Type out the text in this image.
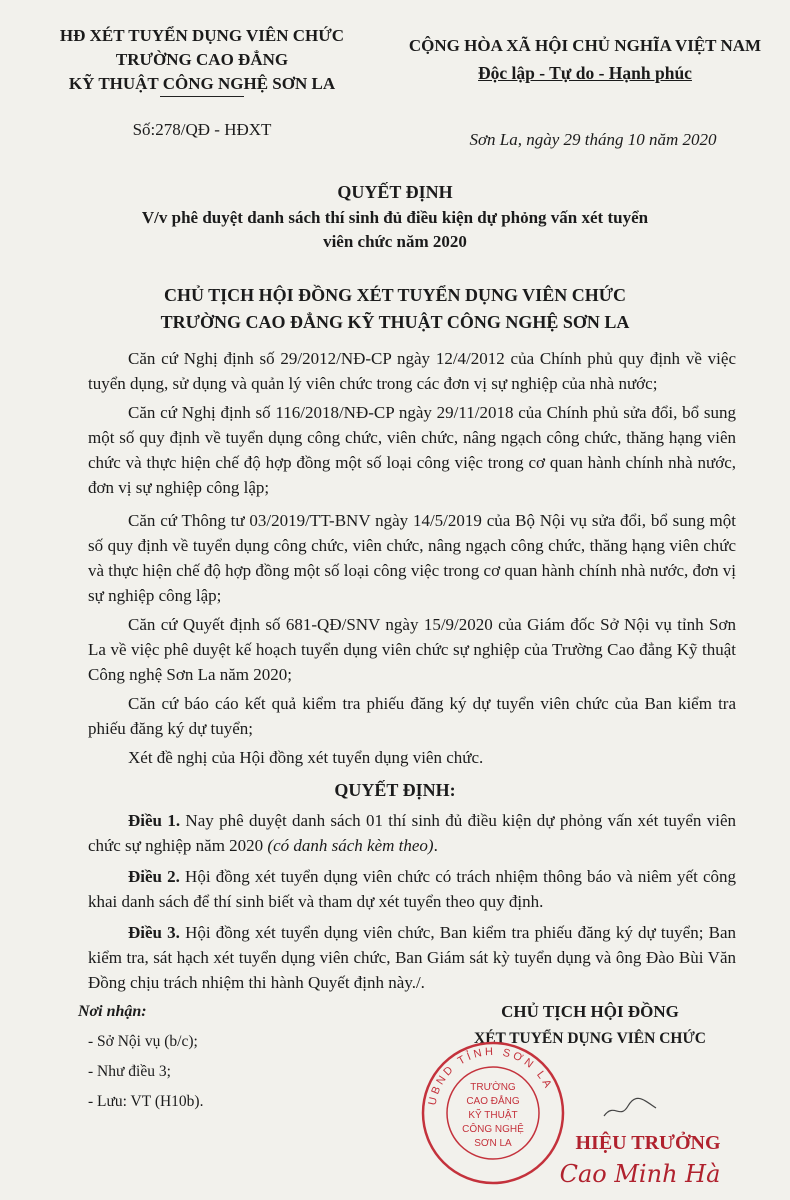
HĐ XÉT TUYỂN DỤNG VIÊN CHỨC
TRƯỜNG CAO ĐẲNG
KỸ THUẬT CÔNG NGHỆ SƠN LA
Số:278/QĐ - HĐXT
CỘNG HÒA XÃ HỘI CHỦ NGHĨA VIỆT NAM
Độc lập - Tự do - Hạnh phúc
Sơn La, ngày 29 tháng 10 năm 2020
QUYẾT ĐỊNH
V/v phê duyệt danh sách thí sinh đủ điều kiện dự phỏng vấn xét tuyển
viên chức năm 2020
CHỦ TỊCH HỘI ĐỒNG XÉT TUYỂN DỤNG VIÊN CHỨC
TRƯỜNG CAO ĐẲNG KỸ THUẬT CÔNG NGHỆ SƠN LA

Căn cứ Nghị định số 29/2012/NĐ-CP ngày 12/4/2012 của Chính phủ quy định về việc tuyển dụng, sử dụng và quản lý viên chức trong các đơn vị sự nghiệp của nhà nước;

Căn cứ Nghị định số 116/2018/NĐ-CP ngày 29/11/2018 của Chính phủ sửa đổi, bổ sung một số quy định về tuyển dụng công chức, viên chức, nâng ngạch công chức, thăng hạng viên chức và thực hiện chế độ hợp đồng một số loại công việc trong cơ quan hành chính nhà nước, đơn vị sự nghiệp công lập;

Căn cứ Thông tư 03/2019/TT-BNV ngày 14/5/2019 của Bộ Nội vụ sửa đổi, bổ sung một số quy định về tuyển dụng công chức, viên chức, nâng ngạch công chức, thăng hạng viên chức và thực hiện chế độ hợp đồng một số loại công việc trong cơ quan hành chính nhà nước, đơn vị sự nghiệp công lập;

Căn cứ Quyết định số 681-QĐ/SNV ngày 15/9/2020 của Giám đốc Sở Nội vụ tỉnh Sơn La về việc phê duyệt kế hoạch tuyển dụng viên chức sự nghiệp của Trường Cao đẳng Kỹ thuật Công nghệ Sơn La năm 2020;

Căn cứ báo cáo kết quả kiểm tra phiếu đăng ký dự tuyển viên chức của Ban kiểm tra phiếu đăng ký dự tuyển;

Xét đề nghị của Hội đồng xét tuyển dụng viên chức.

QUYẾT ĐỊNH:

Điều 1. Nay phê duyệt danh sách 01 thí sinh đủ điều kiện dự phỏng vấn xét tuyển viên chức sự nghiệp năm 2020 (có danh sách kèm theo).

Điều 2. Hội đồng xét tuyển dụng viên chức có trách nhiệm thông báo và niêm yết công khai danh sách để thí sinh biết và tham dự xét tuyển theo quy định.

Điều 3. Hội đồng xét tuyển dụng viên chức, Ban kiểm tra phiếu đăng ký dự tuyển; Ban kiểm tra, sát hạch xét tuyển dụng viên chức, Ban Giám sát kỳ tuyển dụng và ông Đào Bùi Văn Đồng chịu trách nhiệm thi hành Quyết định này./.

Nơi nhận:
- Sở Nội vụ (b/c);
- Như điều 3;
- Lưu: VT (H10b).
CHỦ TỊCH HỘI ĐỒNG
XÉT TUYỂN DỤNG VIÊN CHỨC
UBND TỈNH SƠN LA
TRƯỜNG
CAO ĐẲNG
KỸ THUẬT
CÔNG NGHỆ
SƠN LA	HIỆU TRƯỞNG
Cao Minh Hà
